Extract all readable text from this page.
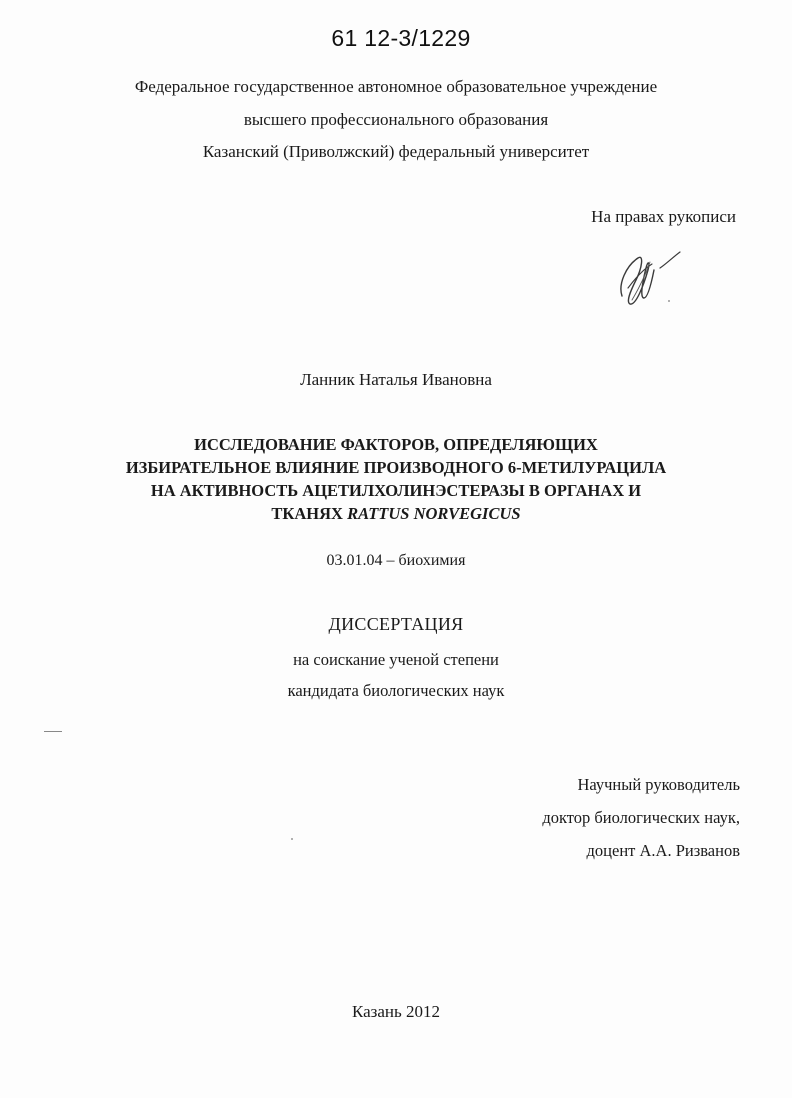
61 12-3/1229
Федеральное государственное автономное образовательное учреждение
высшего профессионального образования
Казанский (Приволжский) федеральный университет
На правах рукописи
Ланник Наталья Ивановна
ИССЛЕДОВАНИЕ ФАКТОРОВ, ОПРЕДЕЛЯЮЩИХ
ИЗБИРАТЕЛЬНОЕ ВЛИЯНИЕ ПРОИЗВОДНОГО 6-МЕТИЛУРАЦИЛА
НА АКТИВНОСТЬ АЦЕТИЛХОЛИНЭСТЕРАЗЫ В ОРГАНАХ И
ТКАНЯХ RATTUS NORVEGICUS
03.01.04 – биохимия
ДИССЕРТАЦИЯ
на соискание ученой степени
кандидата биологических наук
Научный руководитель
доктор биологических наук,
доцент А.А. Ризванов
Казань 2012
